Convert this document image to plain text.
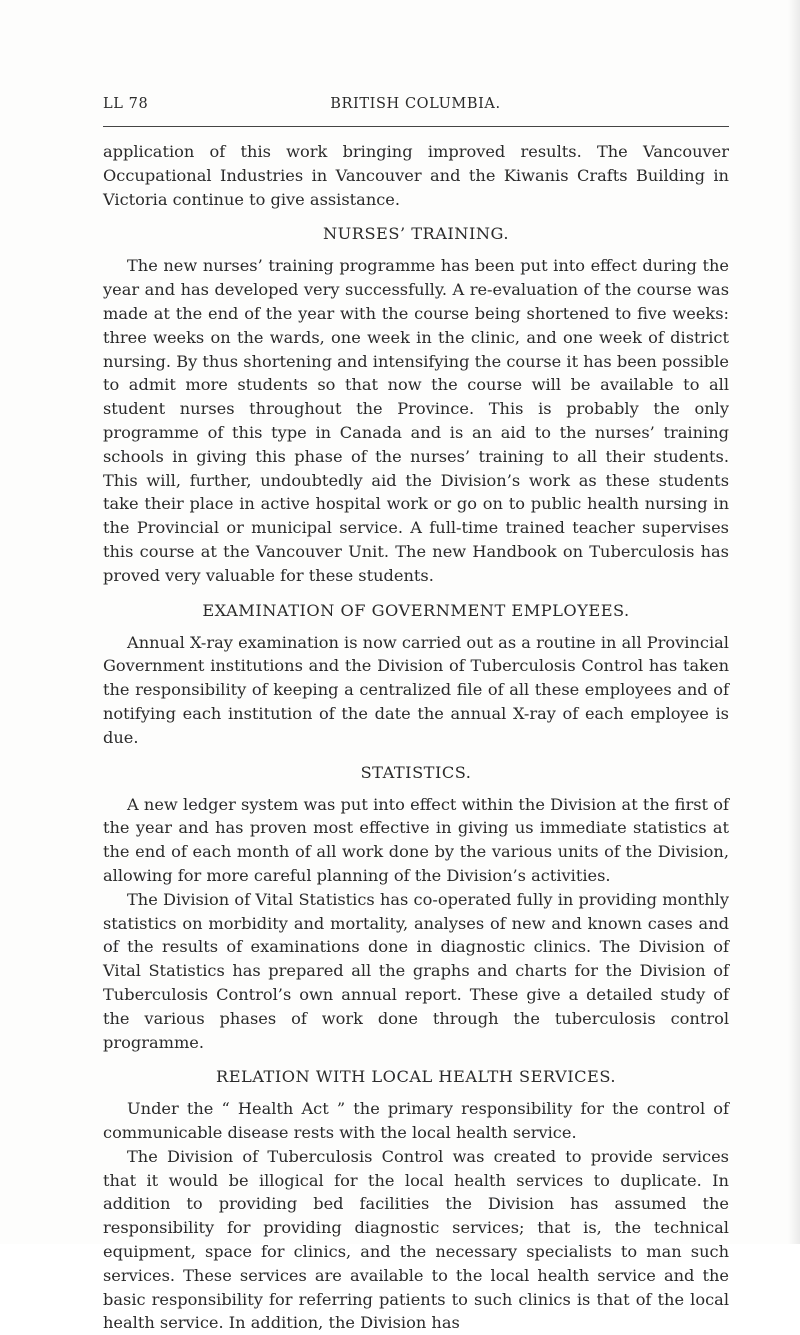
LL 78	BRITISH COLUMBIA.

application of this work bringing improved results. The Vancouver Occupational Industries in Vancouver and the Kiwanis Crafts Building in Victoria continue to give assistance.

NURSES’ TRAINING.

The new nurses’ training programme has been put into effect during the year and has developed very successfully. A re-evaluation of the course was made at the end of the year with the course being shortened to five weeks: three weeks on the wards, one week in the clinic, and one week of district nursing. By thus shortening and intensifying the course it has been possible to admit more students so that now the course will be available to all student nurses throughout the Province. This is probably the only programme of this type in Canada and is an aid to the nurses’ training schools in giving this phase of the nurses’ training to all their students. This will, further, undoubtedly aid the Division’s work as these students take their place in active hospital work or go on to public health nursing in the Provincial or municipal service. A full-time trained teacher supervises this course at the Vancouver Unit. The new Handbook on Tuberculosis has proved very valuable for these students.

EXAMINATION OF GOVERNMENT EMPLOYEES.

Annual X-ray examination is now carried out as a routine in all Provincial Government institutions and the Division of Tuberculosis Control has taken the responsibility of keeping a centralized file of all these employees and of notifying each institution of the date the annual X-ray of each employee is due.

STATISTICS.

A new ledger system was put into effect within the Division at the first of the year and has proven most effective in giving us immediate statistics at the end of each month of all work done by the various units of the Division, allowing for more careful planning of the Division’s activities.

The Division of Vital Statistics has co-operated fully in providing monthly statistics on morbidity and mortality, analyses of new and known cases and of the results of examinations done in diagnostic clinics. The Division of Vital Statistics has prepared all the graphs and charts for the Division of Tuberculosis Control’s own annual report. These give a detailed study of the various phases of work done through the tuberculosis control programme.

RELATION WITH LOCAL HEALTH SERVICES.

Under the “ Health Act ” the primary responsibility for the control of communicable disease rests with the local health service.

The Division of Tuberculosis Control was created to provide services that it would be illogical for the local health services to duplicate. In addition to providing bed facilities the Division has assumed the responsibility for providing diagnostic services; that is, the technical equipment, space for clinics, and the necessary specialists to man such services. These services are available to the local health service and the basic responsibility for referring patients to such clinics is that of the local health service. In addition, the Division has
